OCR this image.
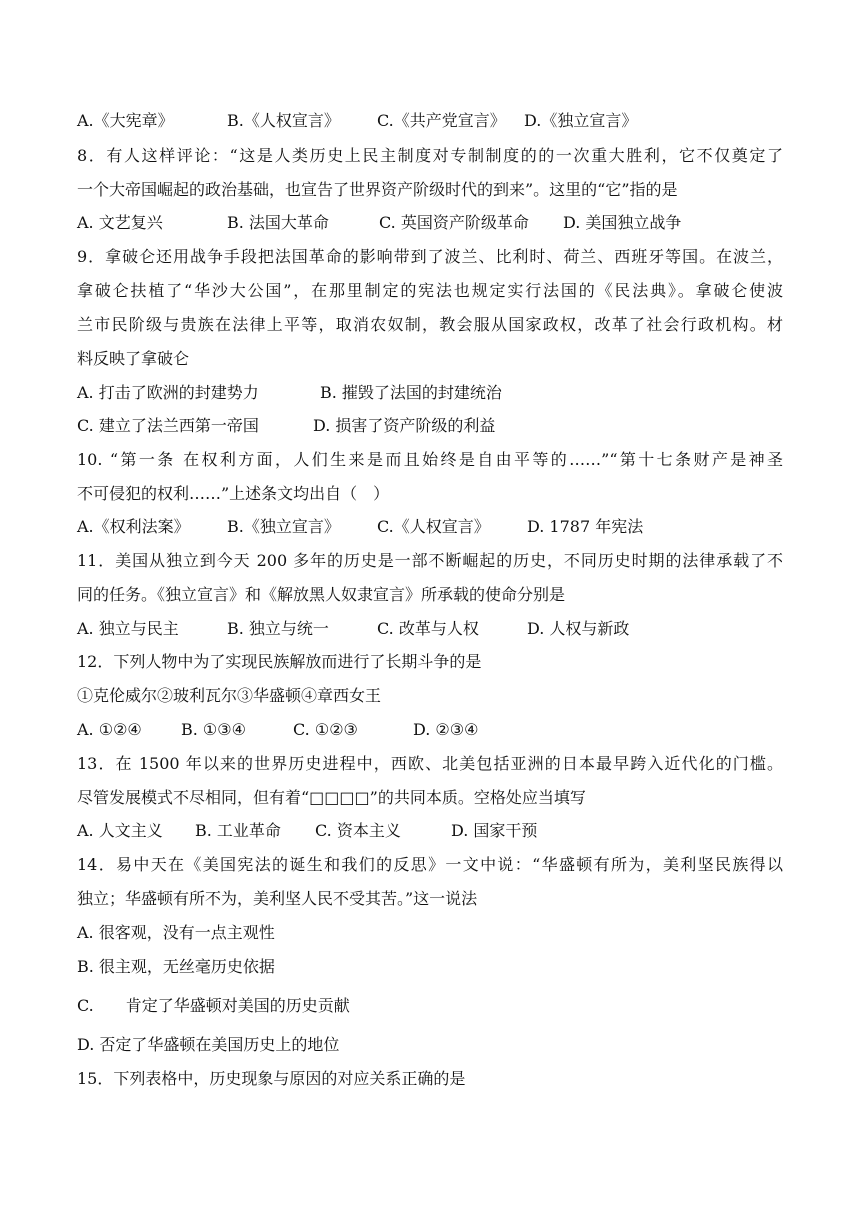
A.《大宪章》	B.《人权宣言》 C.《共产党宣言》 D.《独立宣言》
8．有人这样评论：“这是人类历史上民主制度对专制制度的的一次重大胜利，它不仅奠定了
一个大帝国崛起的政治基础，也宣告了世界资产阶级时代的到来”。这里的“它”指的是
A. 文艺复兴	B. 法国大革命	C. 英国资产阶级革命 D. 美国独立战争
9．拿破仑还用战争手段把法国革命的影响带到了波兰、比利时、荷兰、西班牙等国。在波兰，
拿破仑扶植了“华沙大公国”，在那里制定的宪法也规定实行法国的《民法典》。拿破仑使波
兰市民阶级与贵族在法律上平等，取消农奴制，教会服从国家政权，改革了社会行政机构。材
料反映了拿破仑
A. 打击了欧洲的封建势力	B. 摧毁了法国的封建统治
C. 建立了法兰西第一帝国	D. 损害了资产阶级的利益
10. “第一条 在权利方面，人们生来是而且始终是自由平等的……”“第十七条财产是神圣
不可侵犯的权利……”上述条文均出自（　）
A.《权利法案》 B.《独立宣言》 C.《人权宣言》 D. 1787 年宪法
11．美国从独立到今天 200 多年的历史是一部不断崛起的历史，不同历史时期的法律承载了不
同的任务。《独立宣言》和《解放黑人奴隶宣言》所承载的使命分别是
A. 独立与民主	B. 独立与统一	C. 改革与人权	D. 人权与新政
12．下列人物中为了实现民族解放而进行了长期斗争的是
①克伦威尔②玻利瓦尔③华盛顿④章西女王
A. ①②④ B. ①③④	C. ①②③	D. ②③④
13．在 1500 年以来的世界历史进程中，西欧、北美包括亚洲的日本最早跨入近代化的门槛。
尽管发展模式不尽相同，但有着“□□□□”的共同本质。空格处应当填写
A. 人文主义 B. 工业革命 C. 资本主义	D. 国家干预
14．易中天在《美国宪法的诞生和我们的反思》一文中说：“华盛顿有所为，美利坚民族得以
独立；华盛顿有所不为，美利坚人民不受其苦。”这一说法
A. 很客观，没有一点主观性
B. 很主观，无丝毫历史依据
C.　　肯定了华盛顿对美国的历史贡献
D. 否定了华盛顿在美国历史上的地位
15．下列表格中，历史现象与原因的对应关系正确的是
